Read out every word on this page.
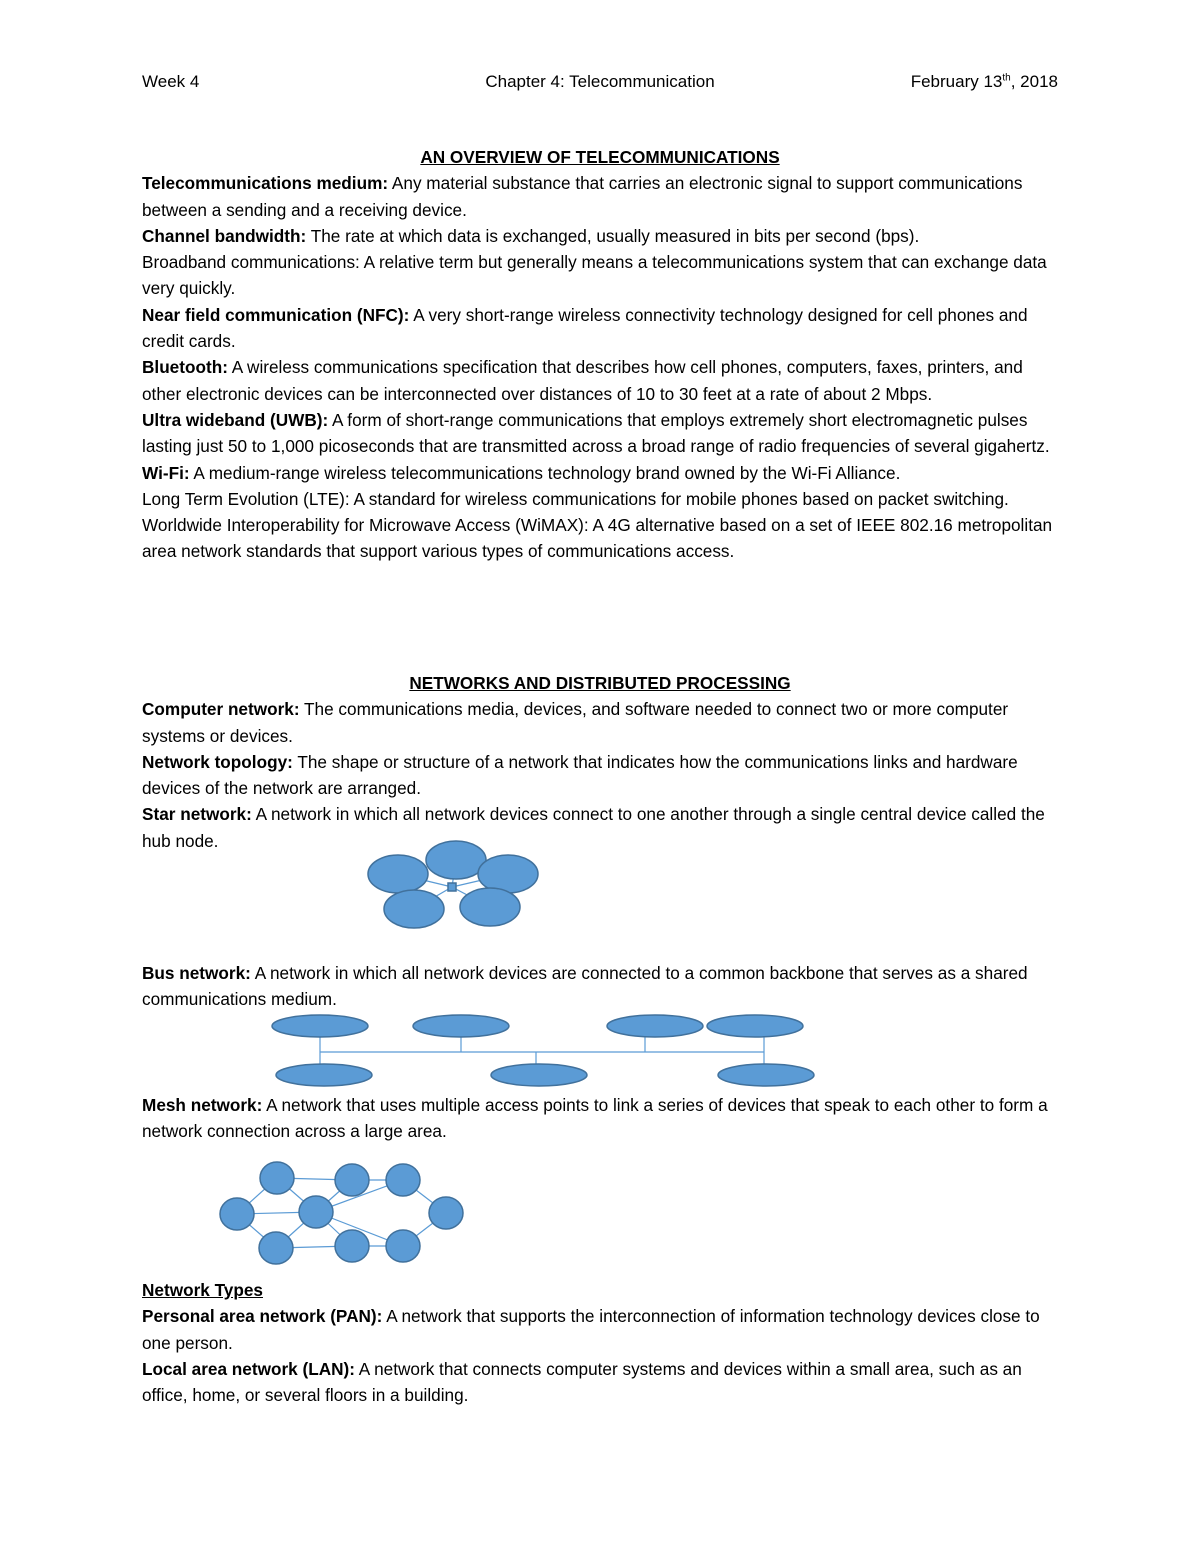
Week 4	Chapter 4: Telecommunication	February 13th, 2018

AN OVERVIEW OF TELECOMMUNICATIONS

Telecommunications medium: Any material substance that carries an electronic signal to support communications between a sending and a receiving device.

Channel bandwidth: The rate at which data is exchanged, usually measured in bits per second (bps).

Broadband communications: A relative term but generally means a telecommunications system that can exchange data very quickly.

Near field communication (NFC): A very short-range wireless connectivity technology designed for cell phones and credit cards.

Bluetooth: A wireless communications specification that describes how cell phones, computers, faxes, printers, and other electronic devices can be interconnected over distances of 10 to 30 feet at a rate of about 2 Mbps.

Ultra wideband (UWB): A form of short-range communications that employs extremely short electromagnetic pulses lasting just 50 to 1,000 picoseconds that are transmitted across a broad range of radio frequencies of several gigahertz.

Wi-Fi: A medium-range wireless telecommunications technology brand owned by the Wi-Fi Alliance.

Long Term Evolution (LTE): A standard for wireless communications for mobile phones based on packet switching.

Worldwide Interoperability for Microwave Access (WiMAX): A 4G alternative based on a set of IEEE 802.16 metropolitan area network standards that support various types of communications access.

NETWORKS AND DISTRIBUTED PROCESSING

Computer network: The communications media, devices, and software needed to connect two or more computer systems or devices.

Network topology: The shape or structure of a network that indicates how the communications links and hardware devices of the network are arranged.

Star network: A network in which all network devices connect to one another through a single central device called the hub node.

Bus network: A network in which all network devices are connected to a common backbone that serves as a shared communications medium.

Mesh network: A network that uses multiple access points to link a series of devices that speak to each other to form a network connection across a large area.

Network Types

Personal area network (PAN): A network that supports the interconnection of information technology devices close to one person.

Local area network (LAN): A network that connects computer systems and devices within a small area, such as an office, home, or several floors in a building.
